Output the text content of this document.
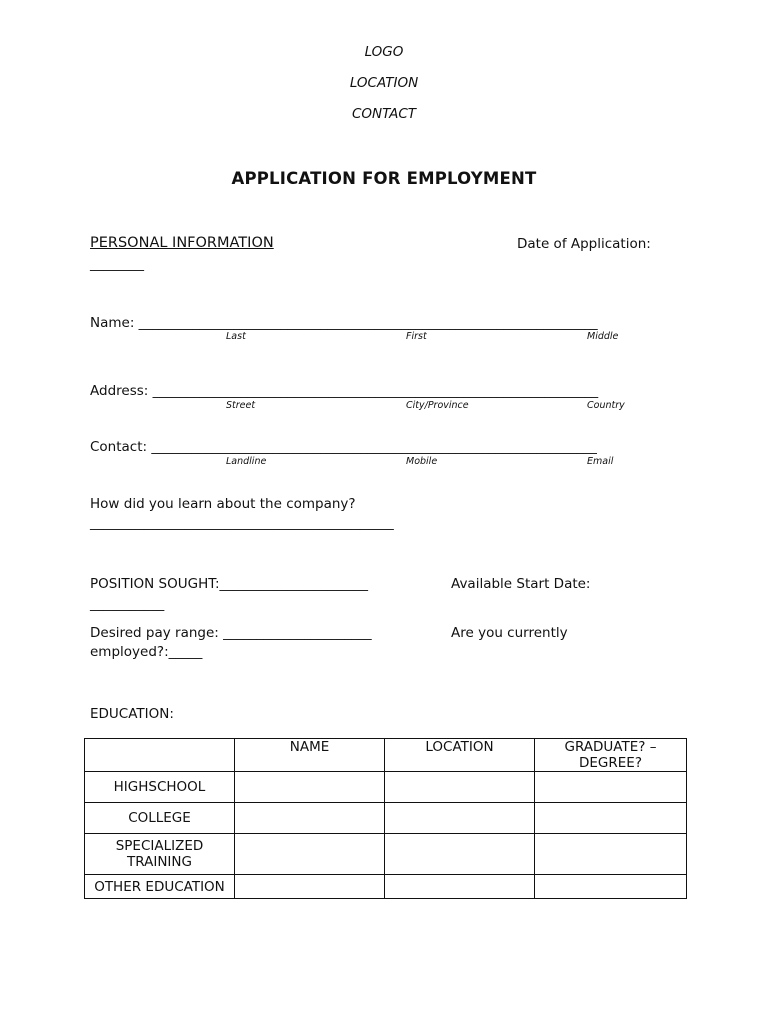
LOGO
LOCATION
CONTACT
APPLICATION FOR EMPLOYMENT
PERSONAL INFORMATION	Date of Application:
________
Name: ____________________________________________________________________
Last	First	Middle
Address: __________________________________________________________________
Street	City/Province	Country
Contact: __________________________________________________________________
Landline	Mobile	Email
How did you learn about the company?
_____________________________________________
POSITION SOUGHT:______________________	Available Start Date:
___________
Desired pay range: ______________________	Are you currently
employed?:_____
EDUCATION:
	NAME	LOCATION	GRADUATE? – DEGREE?
HIGHSCHOOL			
COLLEGE			
SPECIALIZED TRAINING			
OTHER EDUCATION			
